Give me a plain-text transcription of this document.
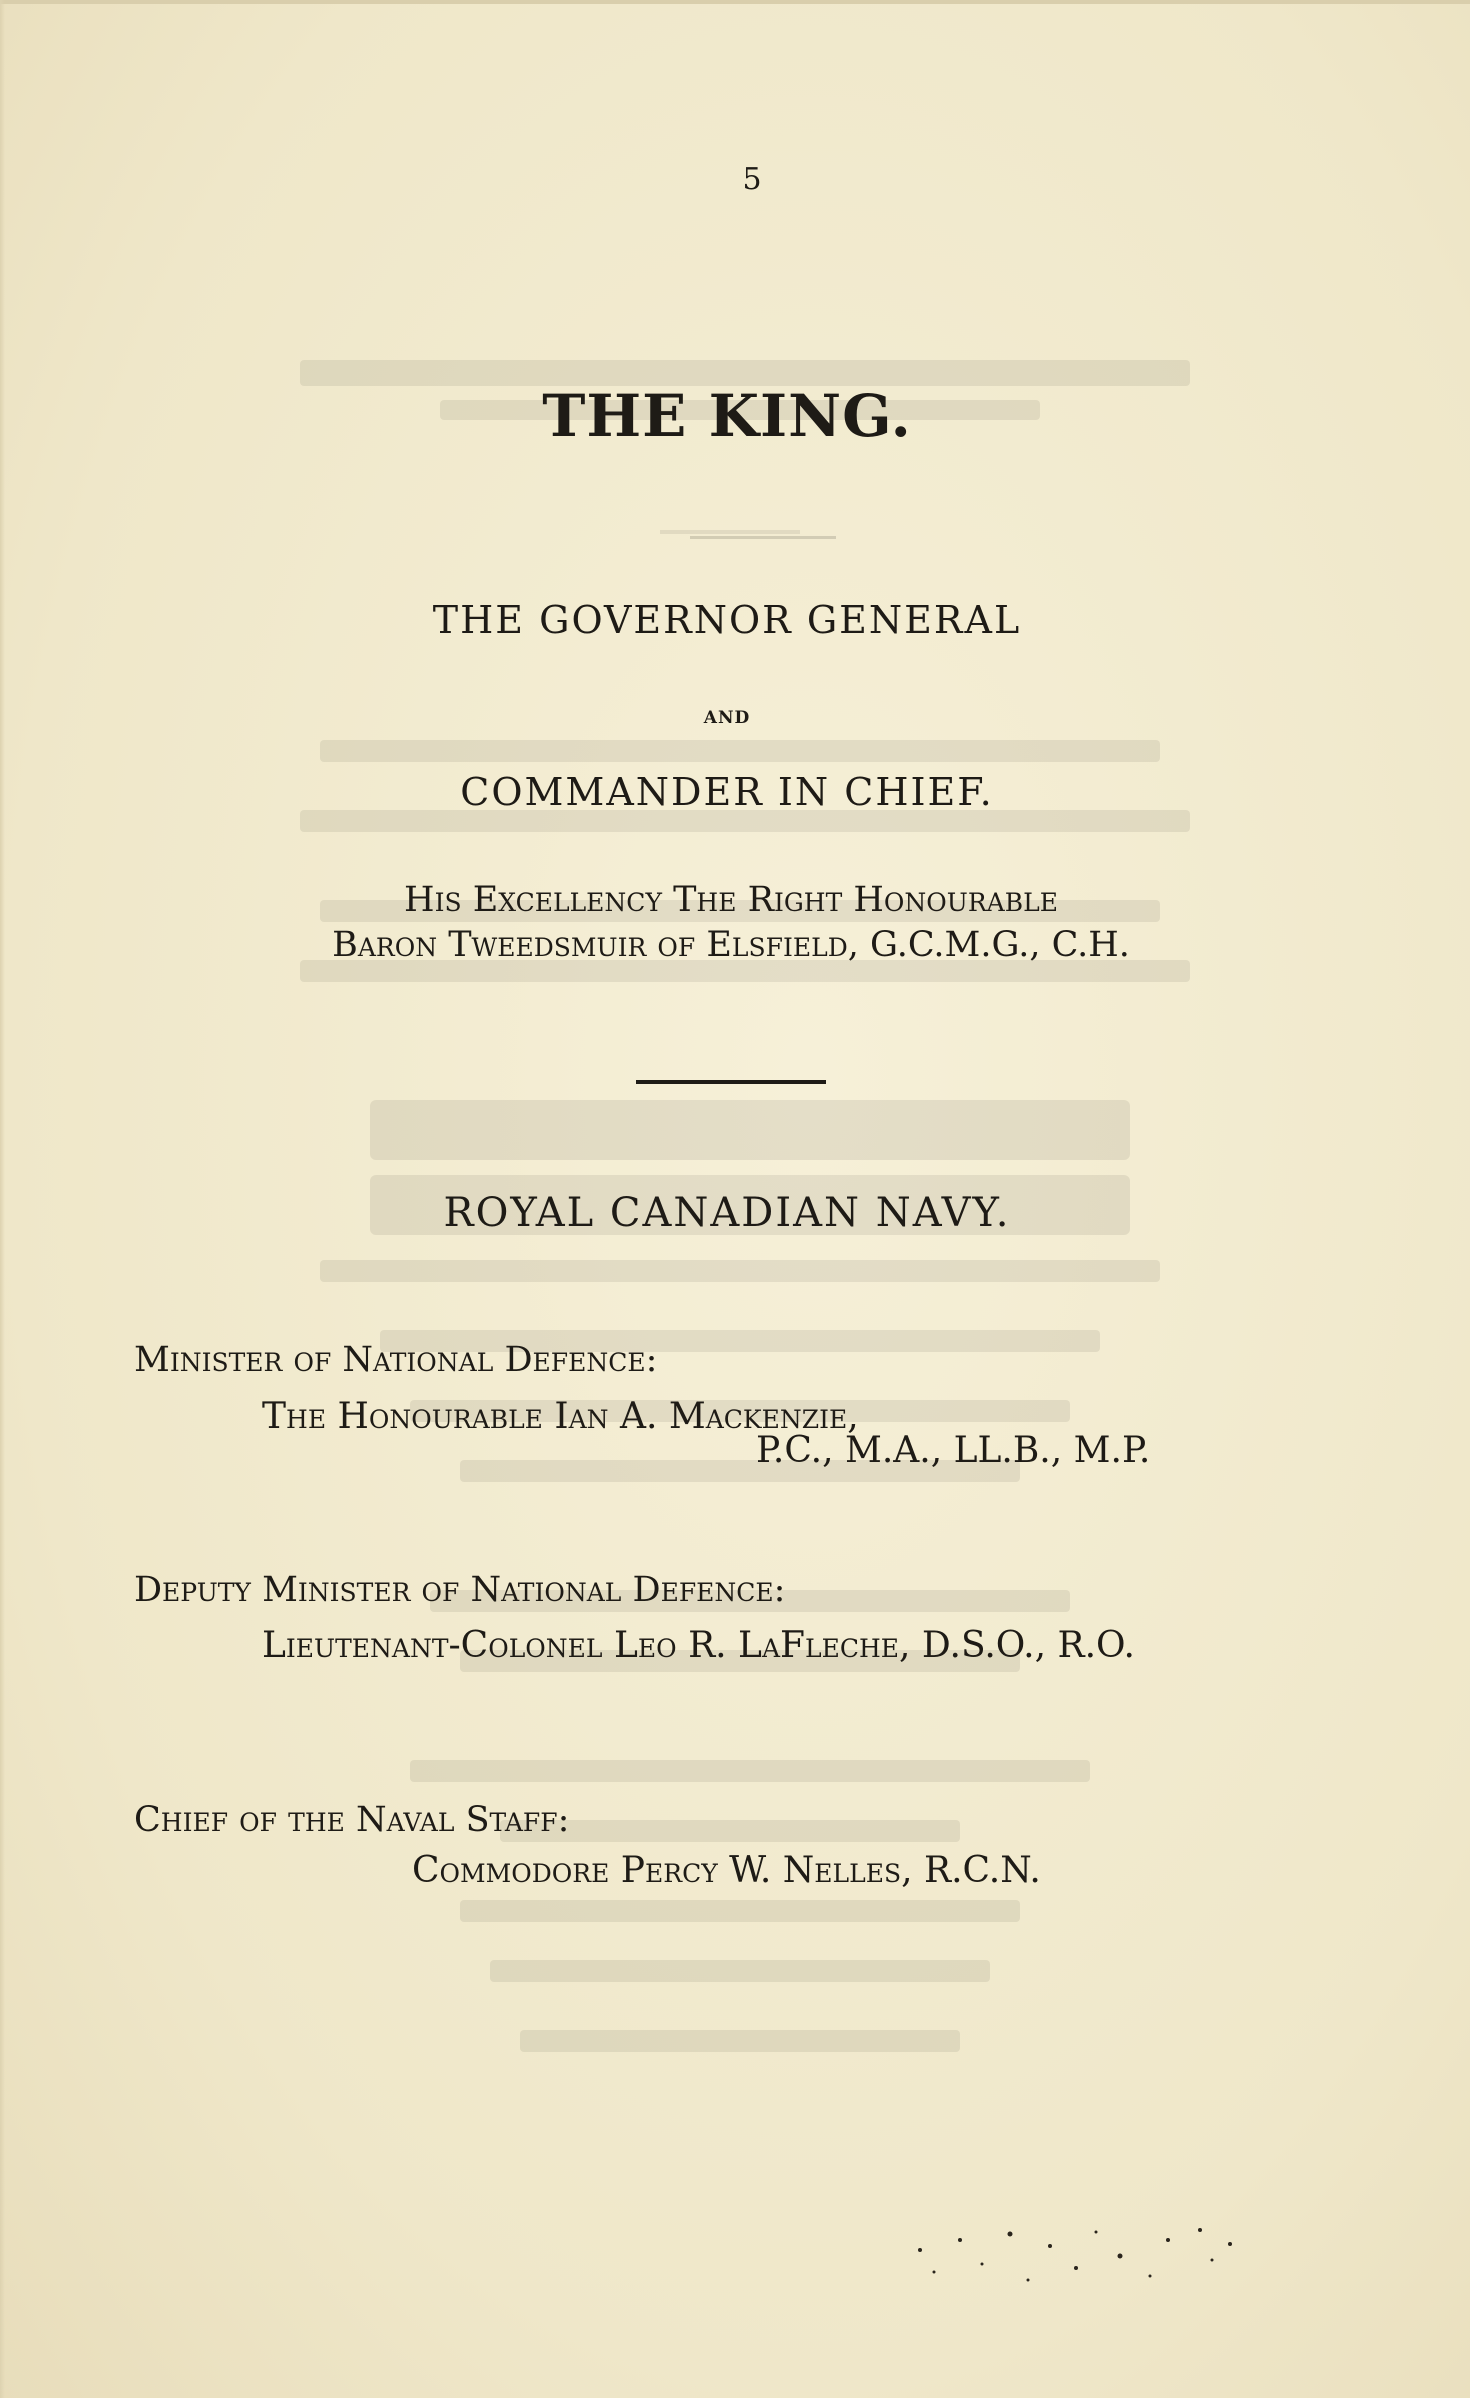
5
THE KING.
THE GOVERNOR GENERAL
and
COMMANDER IN CHIEF.
His Excellency The Right Honourable
Baron Tweedsmuir of Elsfield, G.C.M.G., C.H.
ROYAL CANADIAN NAVY.
Minister of National Defence:
The Honourable Ian A. Mackenzie,
P.C., M.A., LL.B., M.P.
Deputy Minister of National Defence:
Lieutenant-Colonel Leo R. LaFleche, D.S.O., R.O.
Chief of the Naval Staff:
Commodore Percy W. Nelles, R.C.N.
